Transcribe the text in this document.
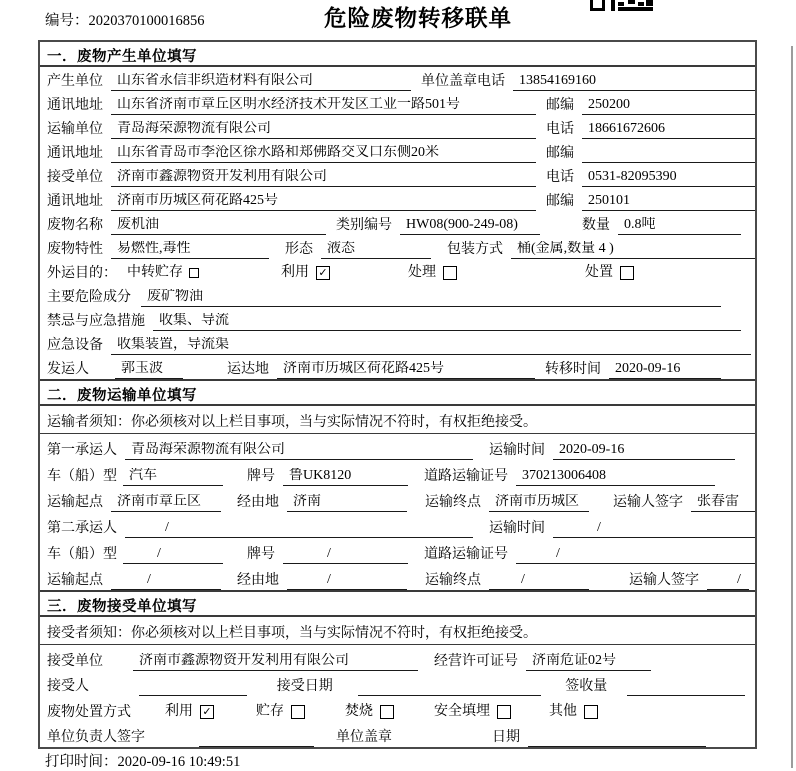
编号：2020370100016856	危险废物转移联单
一．废物产生单位填写
产生单位	山东省永信非织造材料有限公司	单位盖章 电话	13854169160
通讯地址	山东省济南市章丘区明水经济技术开发区工业一路501号	邮编	250200
运输单位	青岛海荣源物流有限公司	电话	18661672606
通讯地址	山东省青岛市李沧区徐水路和郑佛路交叉口东侧20米	邮编
接受单位	济南市鑫源物资开发利用有限公司	电话	0531-82095390
通讯地址	济南市历城区荷花路425号	邮编	250101
废物名称	废机油	类别编号	HW08(900-249-08)	数量	0.8吨
废物特性	易燃性,毒性	形态	液态	包装方式	桶(金属,数量 4 )
外运目的： 中转贮存	利用 ✓	处理	处置
主要危险成分	废矿物油
禁忌与应急措施	收集、导流
应急设备	收集装置，导流渠
发运人	郭玉波	运达地	济南市历城区荷花路425号	转移时间	2020-09-16
二．废物运输单位填写
运输者须知：你必须核对以上栏目事项，当与实际情况不符时，有权拒绝接受。
第一承运人	青岛海荣源物流有限公司	运输时间	2020-09-16
车（船）型 汽车	牌号	鲁UK8120	道路运输证号	370213006408
运输起点	济南市章丘区	经由地	济南	运输终点	济南市历城区	运输人签字	张春雷
第二承运人	/	运输时间	/
车（船）型	/	牌号	/	道路运输证号	/
运输起点	/	经由地	/	运输终点	/	运输人签字	/
三．废物接受单位填写
接受者须知：你必须核对以上栏目事项，当与实际情况不符时，有权拒绝接受。
接受单位	济南市鑫源物资开发利用有限公司	经营许可证号	济南危证02号
接受人	接受日期	签收量
废物处置方式 利用 ✓	贮存	焚烧	安全填埋	其他
单位负责人签字	单位盖章	日期
打印时间：2020-09-16 10:49:51
